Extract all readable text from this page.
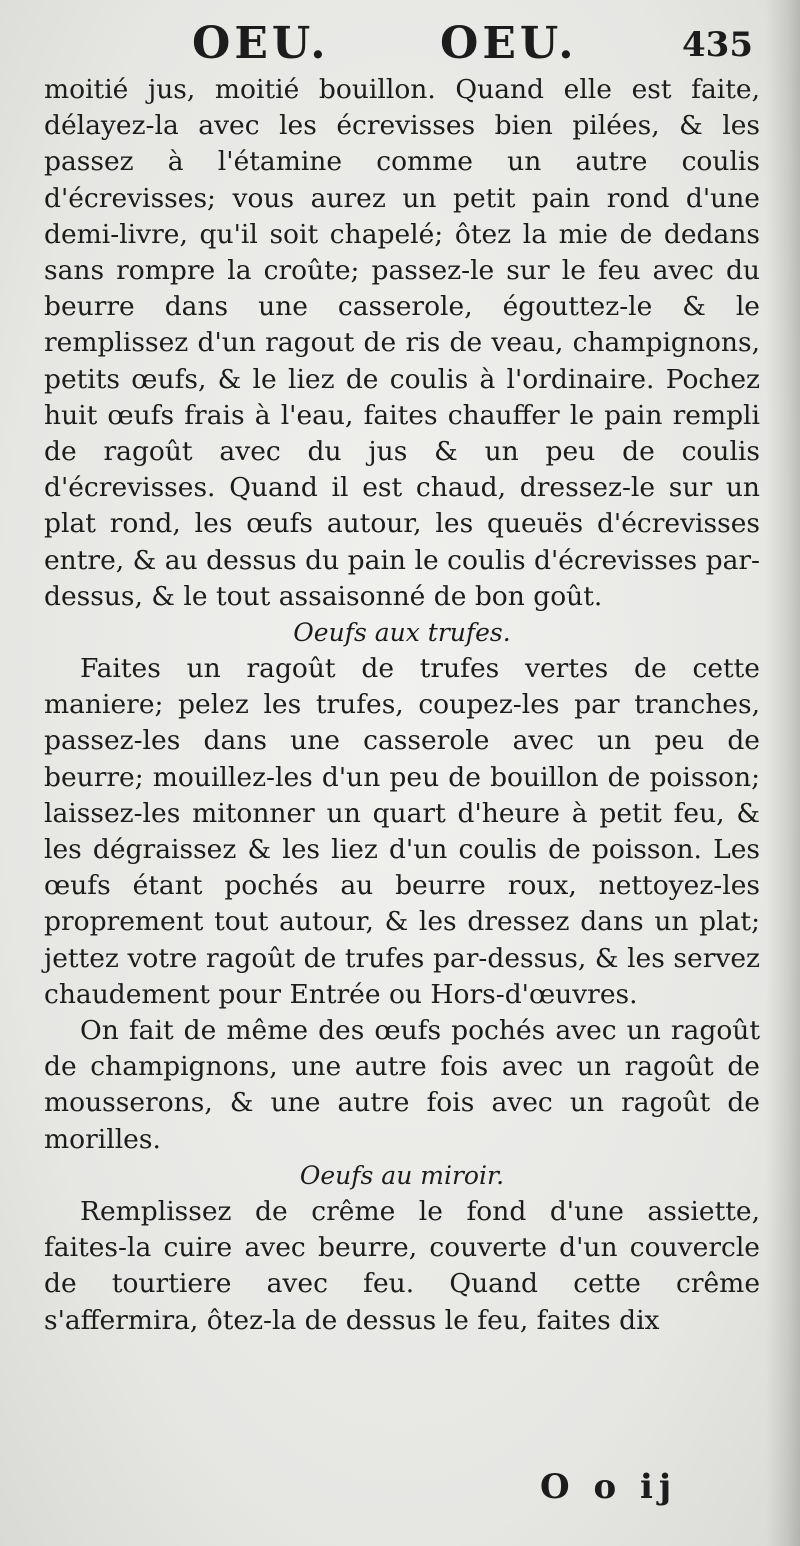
OEU.	OEU.	435

moitié jus, moitié bouillon. Quand elle est faite, délayez-la avec les écrevisses bien pilées, & les passez à l'étamine comme un autre coulis d'écrevisses; vous aurez un petit pain rond d'une demi-livre, qu'il soit chapelé; ôtez la mie de dedans sans rompre la croûte; passez-le sur le feu avec du beurre dans une casserole, égouttez-le & le remplissez d'un ragout de ris de veau, champignons, petits œufs, & le liez de coulis à l'ordinaire. Pochez huit œufs frais à l'eau, faites chauffer le pain rempli de ragoût avec du jus & un peu de coulis d'écrevisses. Quand il est chaud, dressez-le sur un plat rond, les œufs autour, les queuës d'écrevisses entre, & au dessus du pain le coulis d'écrevisses par-dessus, & le tout assaisonné de bon goût.

Oeufs aux trufes.

Faites un ragoût de trufes vertes de cette maniere; pelez les trufes, coupez-les par tranches, passez-les dans une casserole avec un peu de beurre; mouillez-les d'un peu de bouillon de poisson; laissez-les mitonner un quart d'heure à petit feu, & les dégraissez & les liez d'un coulis de poisson. Les œufs étant pochés au beurre roux, nettoyez-les proprement tout autour, & les dressez dans un plat; jettez votre ragoût de trufes par-dessus, & les servez chaudement pour Entrée ou Hors-d'œuvres.

On fait de même des œufs pochés avec un ragoût de champignons, une autre fois avec un ragoût de mousserons, & une autre fois avec un ragoût de morilles.

Oeufs au miroir.

Remplissez de crême le fond d'une assiette, faites-la cuire avec beurre, couverte d'un couvercle de tourtiere avec feu. Quand cette crême s'affermira, ôtez-la de dessus le feu, faites dix

O o ij
